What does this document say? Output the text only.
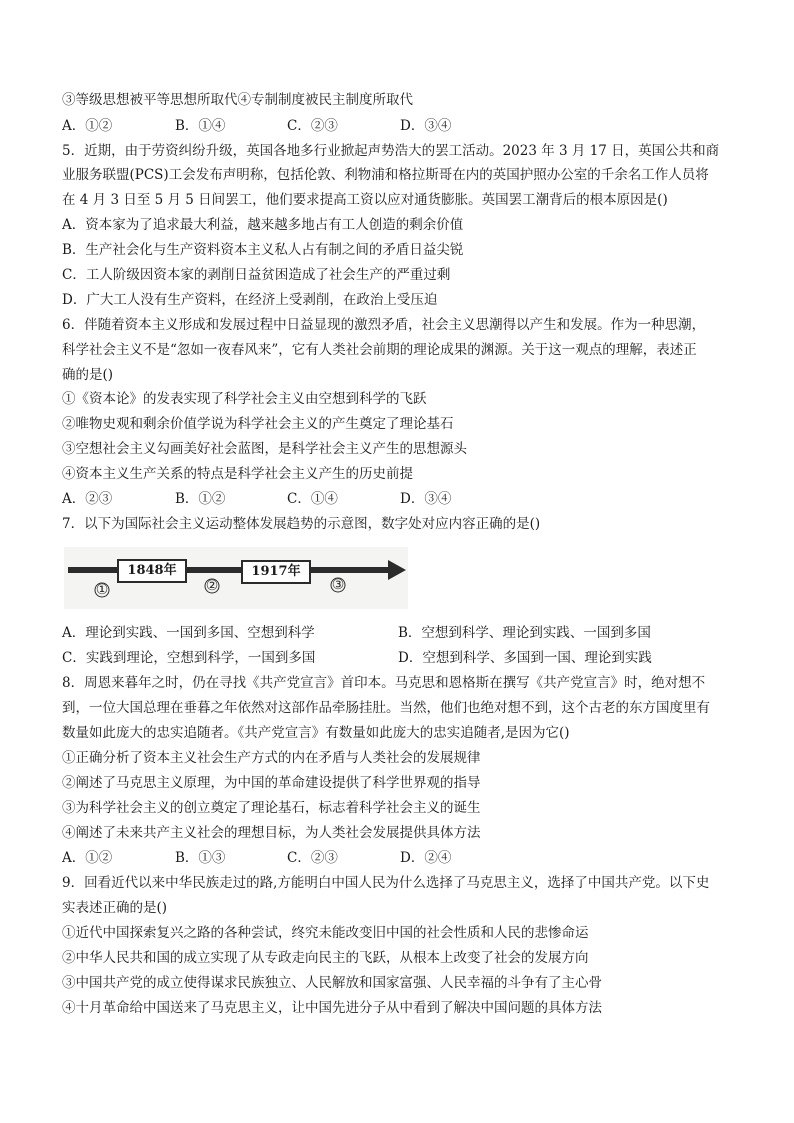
③等级思想被平等思想所取代④专制制度被民主制度所取代
A．①②	B．①④	C．②③	D．③④
5．近期，由于劳资纠纷升级，英国各地多行业掀起声势浩大的罢工活动。2023 年 3 月 17 日，英国公共和商
业服务联盟(PCS)工会发布声明称，包括伦敦、利物浦和格拉斯哥在内的英国护照办公室的千余名工作人员将
在 4 月 3 日至 5 月 5 日间罢工，他们要求提高工资以应对通货膨胀。英国罢工潮背后的根本原因是()
A．资本家为了追求最大利益，越来越多地占有工人创造的剩余价值
B．生产社会化与生产资料资本主义私人占有制之间的矛盾日益尖锐
C．工人阶级因资本家的剥削日益贫困造成了社会生产的严重过剩
D．广大工人没有生产资料，在经济上受剥削，在政治上受压迫
6．伴随着资本主义形成和发展过程中日益显现的激烈矛盾，社会主义思潮得以产生和发展。作为一种思潮，
科学社会主义不是“忽如一夜春风来”，它有人类社会前期的理论成果的渊源。关于这一观点的理解，表述正
确的是()
①《资本论》的发表实现了科学社会主义由空想到科学的飞跃
②唯物史观和剩余价值学说为科学社会主义的产生奠定了理论基石
③空想社会主义勾画美好社会蓝图，是科学社会主义产生的思想源头
④资本主义生产关系的特点是科学社会主义产生的历史前提
A．②③	B．①②	C．①④	D．③④
7．以下为国际社会主义运动整体发展趋势的示意图，数字处对应内容正确的是()
1848年	1917年
①	②	③
A．理论到实践、一国到多国、空想到科学	B．空想到科学、理论到实践、一国到多国
C．实践到理论，空想到科学，一国到多国	D．空想到科学、多国到一国、理论到实践
8．周恩来暮年之时，仍在寻找《共产党宣言》首印本。马克思和恩格斯在撰写《共产党宣言》时，绝对想不
到，一位大国总理在垂暮之年依然对这部作品牵肠挂肚。当然，他们也绝对想不到，这个古老的东方国度里有
数量如此庞大的忠实追随者。《共产党宣言》有数量如此庞大的忠实追随者,是因为它()
①正确分析了资本主义社会生产方式的内在矛盾与人类社会的发展规律
②阐述了马克思主义原理，为中国的革命建设提供了科学世界观的指导
③为科学社会主义的创立奠定了理论基石，标志着科学社会主义的诞生
④阐述了未来共产主义社会的理想目标，为人类社会发展提供具体方法
A．①②	B．①③	C．②③	D．②④
9．回看近代以来中华民族走过的路,方能明白中国人民为什么选择了马克思主义，选择了中国共产党。以下史
实表述正确的是()
①近代中国探索复兴之路的各种尝试，终究未能改变旧中国的社会性质和人民的悲惨命运
②中华人民共和国的成立实现了从专政走向民主的飞跃，从根本上改变了社会的发展方向
③中国共产党的成立使得谋求民族独立、人民解放和国家富强、人民幸福的斗争有了主心骨
④十月革命给中国送来了马克思主义，让中国先进分子从中看到了解决中国问题的具体方法
